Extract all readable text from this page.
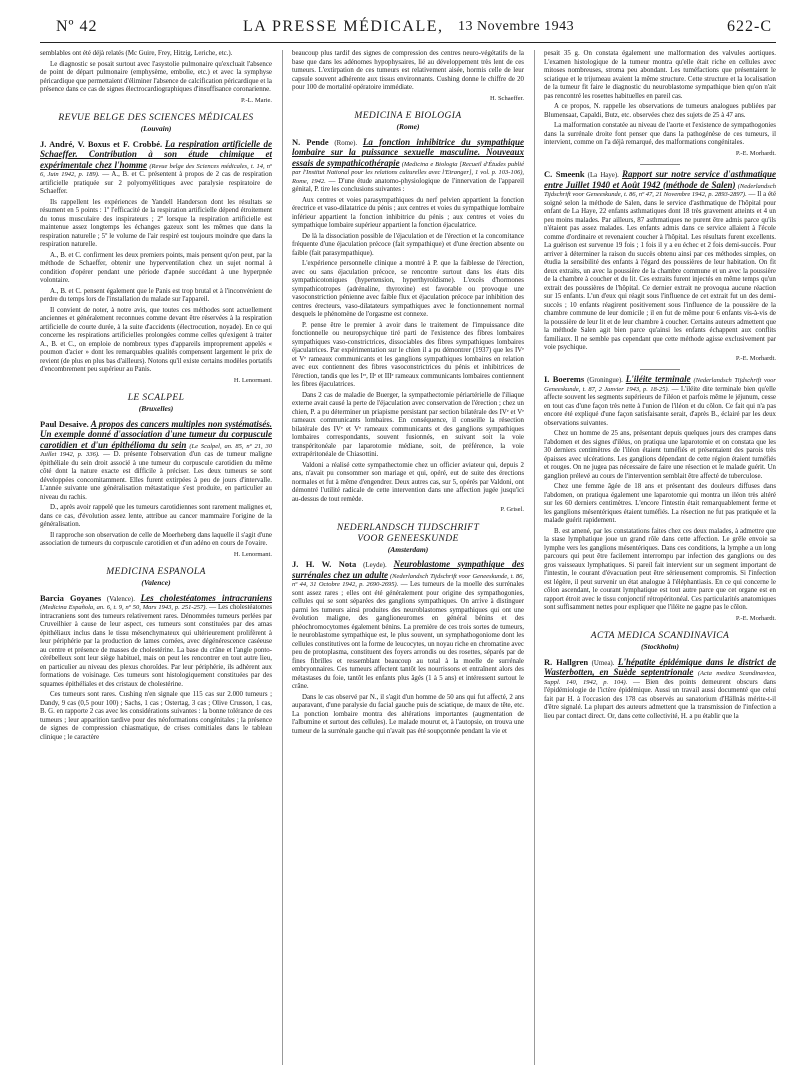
Nº 42	LA PRESSE MÉDICALE, 13 Novembre 1943	622-C

semblables ont été déjà relatés (Mc Guire, Frey, Hitzig, Leriche, etc.).

Le diagnostic se posait surtout avec l'asystolie pulmonaire qu'excluait l'absence de point de départ pulmonaire (emphysème, embolie, etc.) et avec la symphyse péricardique que permettaient d'éliminer l'absence de calcification péricardique et la présence dans ce cas de signes électrocardiographiques d'insuffisance coronarienne.

P.-L. Marie.

REVUE BELGE DES SCIENCES MÉDICALES
(Louvain)

J. André, V. Boxus et F. Crobbé. La respiration artificielle de Schaeffer. Contribution à son étude chimique et expérimentale chez l'homme (Revue belge des Sciences médicales, t. 14, nº 6, Juin 1942, p. 189). — A., B. et C. présentent à propos de 2 cas de respiration artificielle pratiquée sur 2 polyomyélitiques avec paralysie respiratoire de Schaeffer.

Ils rappellent les expériences de Yandell Handerson dont les résultats se résument en 5 points : 1º l'efficacité de la respiration artificielle dépend étroitement du tonus musculaire des inspirateurs ; 2º lorsque la respiration artificielle est maintenue assez longtemps les échanges gazeux sont les mêmes que dans la respiration naturelle ; 5º le volume de l'air respiré est toujours moindre que dans la respiration naturelle.

A., B. et C. confirment les deux premiers points, mais pensent qu'on peut, par la méthode de Schaeffer, obtenir une hyperventilation chez un sujet normal à condition d'opérer pendant une période d'apnée succédant à une hyperpnée volontaire.

A., B. et C. pensent également que le Panis est trop brutal et à l'inconvénient de perdre du temps lors de l'installation du malade sur l'appareil.

Il convient de noter, à notre avis, que toutes ces méthodes sont actuellement anciennes et généralement reconnues comme devant être réservées à la respiration artificielle de courte durée, à la suite d'accidents (électrocution, noyade). En ce qui concerne les respirations artificielles prolongées comme celles qu'exigent à traiter A., B. et C., on emploie de nombreux types d'appareils improprement appelés « poumon d'acier » dont les remarquables qualités compensent largement le prix de revient (de plus en plus bas d'ailleurs). Notons qu'il existe certains modèles portatifs d'encombrement peu supérieur au Panis.

H. Lenormant.

LE SCALPEL
(Bruxelles)

Paul Desaive. A propos des cancers multiples non systématisés. Un exemple donné d'association d'une tumeur du corpuscule carotidien et d'un épithélioma du sein (Le Scalpel, an. 85, nº 21, 30 Juillet 1942, p. 336). — D. présente l'observation d'un cas de tumeur maligne épithéliale du sein droit associé à une tumeur du corpuscule carotidien du même côté dont la nature exacte est difficile à préciser. Les deux tumeurs se sont développées concomitamment. Elles furent extirpées à peu de jours d'intervalle. L'année suivante une généralisation métastatique s'est produite, en particulier au niveau du rachis.

D., après avoir rappelé que les tumeurs carotidiennes sont rarement malignes et, dans ce cas, d'évolution assez lente, attribue au cancer mammaire l'origine de la généralisation.

Il rapproche son observation de celle de Moerheberg dans laquelle il s'agit d'une association de tumeurs du corpuscule carotidien et d'un adéno en cours de l'ovaire.

H. Lenormant.

MEDICINA ESPANOLA
(Valence)

Barcia Goyanes (Valence). Les cholestéatomes intracraniens (Medicina Española, an. 6, t. 9, nº 50, Mars 1943, p. 251-257). — Les cholestéatomes intracraniens sont des tumeurs relativement rares. Dénommées tumeurs perlées par Cruveilhier à cause de leur aspect, ces tumeurs sont constituées par des amas épithéliaux inclus dans le tissu mésenchymateux qui ultérieurement prolifèrent à leur périphérie par la production de lames cornées, avec dégénérescence caséeuse au centre et présence de masses de cholestérine. La base du crâne et l'angle ponto-cérébelleux sont leur siège habituel, mais on peut les rencontrer en tout autre lieu, en particulier au niveau des plexus choroïdes. Par leur périphérie, ils adhèrent aux formations de voisinage. Ces tumeurs sont histologiquement constituées par des squames épithéliales et des cristaux de cholestérine.

Ces tumeurs sont rares. Cushing n'en signale que 115 cas sur 2.000 tumeurs ; Dandy, 9 cas (0,5 pour 100) ; Sachs, 1 cas ; Ostertag, 3 cas ; Olive Crusson, 1 cas, B. G. en rapporte 2 cas avec les considérations suivantes : la bonne tolérance de ces tumeurs ; leur apparition tardive pour des néoformations congénitales ; la présence de signes de compression chiasmatique, de crises comitiales dans le tableau clinique ; le caractère

beaucoup plus tardif des signes de compression des centres neuro-végétatifs de la base que dans les adénomes hypophysaires, lié au développement très lent de ces tumeurs. L'extirpation de ces tumeurs est relativement aisée, hormis celle de leur capsule souvent adhérente aux tissus environnants. Cushing donne le chiffre de 20 pour 100 de mortalité opératoire immédiate.

H. Schaeffer.

MEDICINA E BIOLOGIA
(Rome)

N. Pende (Rome). La fonction inhibitrice du sympathique lombaire sur la puissance sexuelle masculine. Nouveaux essais de sympathicothérapie (Medicina e Biologia [Recueil d'Études publié par l'Institut National pour les relations culturelles avec l'Etranger], 1 vol. p. 103-106), Rome, 1942. — D'une étude anatomo-physiologique de l'innervation de l'appareil génital, P. tire les conclusions suivantes :

Aux centres et voies parasympathiques du nerf pelvien appartient la fonction érectrice et vaso-dilatatrice du pénis ; aux centres et voies du sympathique lombaire inférieur appartient la fonction inhibitrice du pénis ; aux centres et voies du sympathique lombaire supérieur appartient la fonction éjaculatrice.

De là la dissociation possible de l'éjaculation et de l'érection et la concomitance fréquente d'une éjaculation précoce (fait sympathique) et d'une érection absente ou faible (fait parasympathique).

L'expérience personnelle clinique a montré à P. que la faiblesse de l'érection, avec ou sans éjaculation précoce, se rencontre surtout dans les états dits sympathicotoniques (hypertension, hyperthyroïdisme). L'excès d'hormones sympathicotropes (adrénaline, thyroxine) est favorable ou provoque une vasoconstriction pénienne avec faible flux et éjaculation précoce par inhibition des centres érecteurs, vaso-dilatateurs sympathiques avec le fonctionnement normal desquels le phénomène de l'orgasme est connexe.

P. pense être le premier à avoir dans le traitement de l'impuissance dite fonctionnelle ou neuropsychique tiré parti de l'existence des fibres lombaires sympathiques vaso-constrictrices, dissociables des fibres sympathiques lombaires éjaculatrices. Par expérimentation sur le chien il a pu démontrer (1937) que les IVᵉ et Vᵉ rameaux communicants et les ganglions sympathiques lombaires en relation avec eux contiennent des fibres vasoconstrictrices du pénis et inhibitrices de l'érection, tandis que les Iᵉʳ, IIᵉ et IIIᵉ rameaux communicants lombaires contiennent les fibres éjaculatrices.

Dans 2 cas de maladie de Buerger, la sympathectomie périartérielle de l'iliaque externe avait causé la perte de l'éjaculation avec conservation de l'érection ; chez un chien, P. a pu déterminer un priapisme persistant par section bilatérale des IVᵉ et Vᵉ rameaux communicants lombaires. En conséquence, il conseille la résection bilatérale des IVᵉ et Vᵉ rameaux communicants et des ganglions sympathiques lombaires correspondants, souvent fusionnés, en suivant soit la voie transpéritonéale par laparotomie médiane, soit, de préférence, la voie extrapéritonéale de Chiasottini.

Valdoni a réalisé cette sympathectomie chez un officier aviateur qui, depuis 2 ans, n'avait pu consommer son mariage et qui, opéré, eut de suite des érections normales et fut à même d'engendrer. Deux autres cas, sur 5, opérés par Valdoni, ont démontré l'utilité radicale de cette intervention dans une affection jugée jusqu'ici au-dessus de tout remède.

P. Grisel.

NEDERLANDSCH TIJDSCHRIFT
VOOR GENEESKUNDE
(Amsterdam)

J. H. W. Nota (Leyde). Neuroblastome sympathique des surrénales chez un adulte (Nederlandsch Tijdschrift voor Geneeskunde, t. 86, nº 44, 31 Octobre 1942, p. 2690-2695). — Les tumeurs de la moelle des surrénales sont assez rares ; elles ont été généralement pour origine des sympathogonies, cellules qui se sont séparées des ganglions sympathiques. On arrive à distinguer parmi les tumeurs ainsi produites des neuroblastomes sympathiques qui ont une évolution maligne, des ganglioneuromes en général bénins et des phéochromocytomes également bénins. La première de ces trois sortes de tumeurs, le neuroblastome sympathique est, le plus souvent, un symphathogoniome dont les cellules constitutives ont la forme de leucocytes, un noyau riche en chromatine avec peu de protoplasma, constituent des foyers arrondis ou des rosettes, séparés par de fines fibrilles et ressemblant beaucoup au total à la moelle de surrénale embryonnaires. Ces tumeurs affectent tantôt les nourrissons et entraînent alors des métastases du foie, tantôt les enfants plus âgés (1 à 5 ans) et intéressent surtout le crâne.

Dans le cas observé par N., il s'agit d'un homme de 50 ans qui fut affecté, 2 ans auparavant, d'une paralysie du facial gauche puis de sciatique, de maux de tête, etc. La ponction lombaire montra des altérations importantes (augmentation de l'albumine et surtout des cellules). Le malade mourut et, à l'autopsie, on trouva une tumeur de la surrénale gauche qui n'avait pas été soupçonnée pendant la vie et

pesait 35 g. On constata également une malformation des valvules aortiques. L'examen histologique de la tumeur montra qu'elle était riche en cellules avec mitoses nombreuses, stroma peu abondant. Les tuméfactions que présentaient le sciatique et le trijumeau avaient la même structure. Cette structure et la localisation de la tumeur fit faire le diagnostic du neuroblastome sympathique bien qu'on n'ait pas rencontré les rosettes habituelles en pareil cas.

A ce propos, N. rappelle les observations de tumeurs analogues publiées par Blumensaat, Capaldi, Butz, etc. observées chez des sujets de 25 à 47 ans.

La malformation constatée au niveau de l'aorte et l'existence de sympathogonies dans la surrénale droite font penser que dans la pathogénèse de ces tumeurs, il intervient, comme on l'a déjà remarqué, des malformations congénitales.

P.-E. Morhardt.

C. Smeenk (La Haye). Rapport sur notre service d'asthmatique entre Juillet 1940 et Août 1942 (méthode de Salen) (Nederlandsch Tijdschrift voor Geneeskunde, t. 86, nº 47, 21 Novembre 1942, p. 2893-2897). — Il a été soigné selon la méthode de Salen, dans le service d'asthmatique de l'hôpital pour enfant de La Haye, 22 enfants asthmatiques dont 18 très gravement atteints et 4 un peu moins malades. Par ailleurs, 87 asthmatiques ne purent être admis parce qu'ils n'étaient pas assez malades. Les enfants admis dans ce service allaient à l'école comme d'ordinaire et revenaient coucher à l'hôpital. Les résultats furent excellents. La guérison est survenue 19 fois ; 1 fois il y a eu échec et 2 fois demi-succès. Pour arriver à déterminer la raison du succès obtenu ainsi par ces méthodes simples, on étudia la sensibilité des enfants à l'égard des poussières de leur habitation. On fit deux extraits, un avec la poussière de la chambre commune et un avec la poussière de la chambre à coucher et du lit. Ces extraits furent injectés en même temps qu'un extrait des poussières de l'hôpital. Ce dernier extrait ne provoqua aucune réaction sur 15 enfants. L'un d'eux qui réagit sous l'influence de cet extrait fut un des demi-succès ; 10 enfants réagirent positivement sous l'influence de la poussière de la chambre commune de leur domicile ; il en fut de même pour 6 enfants vis-à-vis de la poussière de leur lit et de leur chambre à coucher. Certains auteurs admettent que la méthode Salen agit bien parce qu'ainsi les enfants échappent aux conflits familiaux. Il ne semble pas cependant que cette méthode agisse exclusivement par voie psychique.

P.-E. Morhardt.

I. Boerems (Groningue). L'iléite terminale (Nederlandsch Tijdschrift voor Geneeskunde, t. 87, 2 Janvier 1943, p. 18-25). — L'iléite dite terminale bien qu'elle affecte souvent les segments supérieurs de l'iléon et parfois même le jéjunum, cesse en tout cas d'une façon très nette à l'union de l'iléon et du côlon. Ce fait qui n'a pas encore été expliqué d'une façon satisfaisante serait, d'après B., éclairé par les deux observations suivantes.

Chez un homme de 25 ans, présentant depuis quelques jours des crampes dans l'abdomen et des signes d'iléus, on pratiqua une laparotomie et on constata que les 30 derniers centimètres de l'iléon étaient tuméfiés et présentaient des parois très épaisses avec ulcérations. Les ganglions dépendant de cette région étaient tuméfiés et rouges. On ne jugea pas nécessaire de faire une résection et le malade guérit. Un ganglion prélevé au cours de l'intervention semblait être affecté de tuberculose.

Chez une femme âgée de 18 ans et présentant des douleurs diffuses dans l'abdomen, on pratiqua également une laparotomie qui montra un iléon très altéré sur les 60 derniers centimètres. L'encore l'intestin était remarquablement ferme et les ganglions mésentériques étaient tuméfiés. La résection ne fut pas pratiquée et la malade guérit rapidement.

B. est amené, par les constatations faites chez ces deux malades, à admettre que la stase lymphatique joue un grand rôle dans cette affection. Le grêle envoie sa lymphe vers les ganglions mésentériques. Dans ces conditions, la lymphe a un long parcours qui peut être facilement interrompu par infection des ganglions ou des gros vaisseaux lymphatiques. Si pareil fait intervient sur un segment important de l'intestin, le courant d'évacuation peut être sérieusement compromis. Si l'infection est légère, il peut survenir un état analogue à l'éléphantiasis. En ce qui concerne le côlon ascendant, le courant lymphatique est tout autre parce que cet organe est en rapport étroit avec le tissu conjonctif rétropéritonéal. Ces particularités anatomiques sont suffisamment nettes pour expliquer que l'iléite ne gagne pas le côlon.

P.-E. Morhardt.

ACTA MEDICA SCANDINAVICA
(Stockholm)

R. Hallgren (Umea). L'hépatite épidémique dans le district de Wasterbotten, en Suède septentrionale (Acta medica Scandinavica, Suppl. 140, 1942, p. 104). — Bien des points demeurent obscurs dans l'épidémiologie de l'ictère épidémique. Aussi un travail aussi documenté que celui fait par H. à l'occasion des 178 cas observés au sanatorium d'Hällnäs mérite-t-il d'être signalé. La plupart des auteurs admettent que la transmission de l'infection a lieu par contact direct. Or, dans cette collectivité, H. a pu établir que la
